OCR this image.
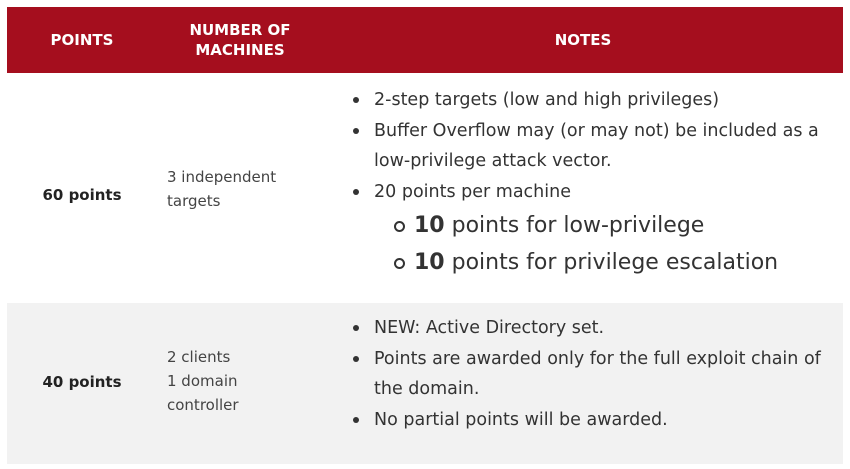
POINTS
NUMBER OF
MACHINES
NOTES
60 points
3 independent
targets
2-step targets (low and high privileges)
Buffer Overflow may (or may not) be included as a low-privilege attack vector.
20 points per machine
10 points for low-privilege
10 points for privilege escalation
40 points
2 clients
1 domain
controller
NEW: Active Directory set.
Points are awarded only for the full exploit chain of the domain.
No partial points will be awarded.
